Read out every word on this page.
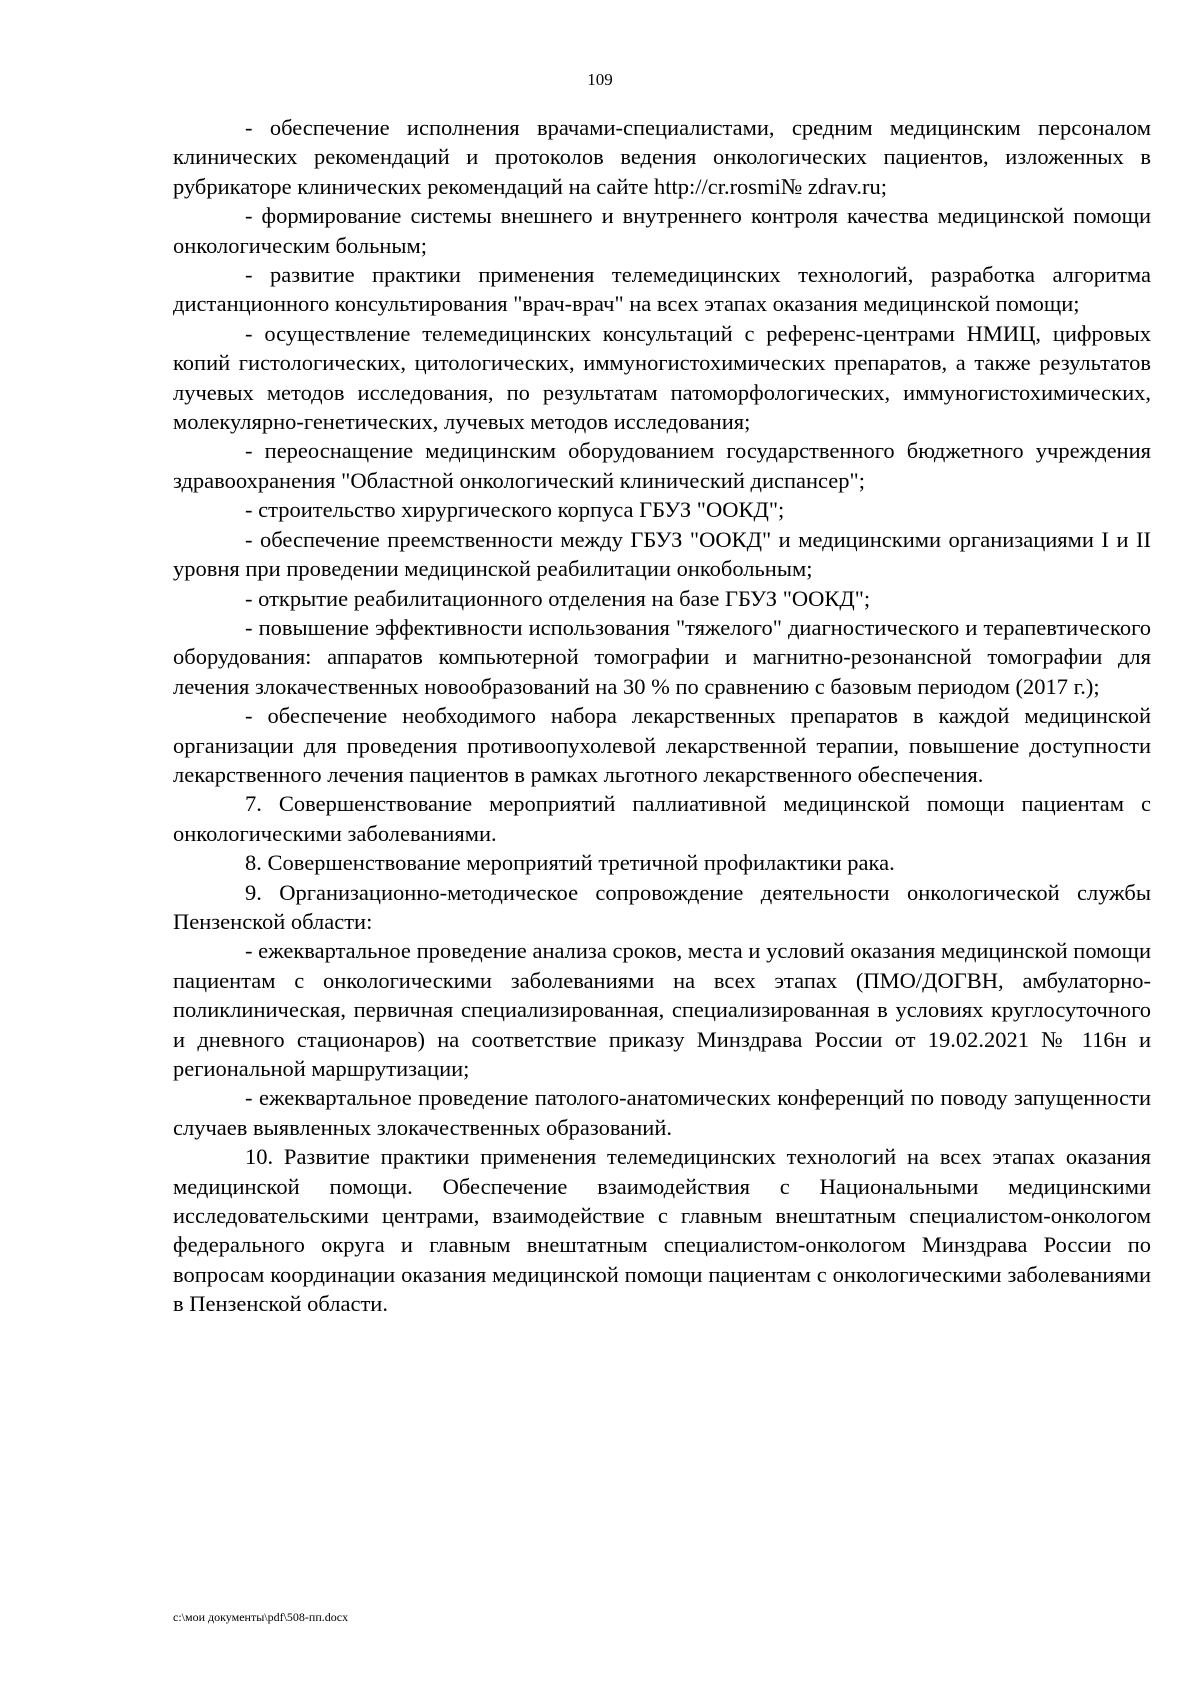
109

- обеспечение исполнения врачами-специалистами, средним медицинским персоналом клинических рекомендаций и протоколов ведения онкологических пациентов, изложенных в рубрикаторе клинических рекомендаций на сайте http://cr.rosmi№ zdrav.ru;

- формирование системы внешнего и внутреннего контроля качества медицинской помощи онкологическим больным;

- развитие практики применения телемедицинских технологий, разработка алгоритма дистанционного консультирования "врач-врач" на всех этапах оказания медицинской помощи;

- осуществление телемедицинских консультаций с референс-центрами НМИЦ, цифровых копий гистологических, цитологических, иммуногистохимических препаратов, а также результатов лучевых методов исследования, по результатам патоморфологических, иммуногистохимических, молекулярно-генетических, лучевых методов исследования;

- переоснащение медицинским оборудованием государственного бюджетного учреждения здравоохранения "Областной онкологический клинический диспансер";

- строительство хирургического корпуса ГБУЗ "ООКД";

- обеспечение преемственности между ГБУЗ "ООКД" и медицинскими организациями I и II уровня при проведении медицинской реабилитации онкобольным;

- открытие реабилитационного отделения на базе ГБУЗ "ООКД";

- повышение эффективности использования "тяжелого" диагностического и терапевтического оборудования: аппаратов компьютерной томографии и магнитно-резонансной томографии для лечения злокачественных новообразований на 30 % по сравнению с базовым периодом (2017 г.);

- обеспечение необходимого набора лекарственных препаратов в каждой медицинской организации для проведения противоопухолевой лекарственной терапии, повышение доступности лекарственного лечения пациентов в рамках льготного лекарственного обеспечения.

7. Совершенствование мероприятий паллиативной медицинской помощи пациентам с онкологическими заболеваниями.

8. Совершенствование мероприятий третичной профилактики рака.

9. Организационно-методическое сопровождение деятельности онкологической службы Пензенской области:

- ежеквартальное проведение анализа сроков, места и условий оказания медицинской помощи пациентам с онкологическими заболеваниями на всех этапах (ПМО/ДОГВН, амбулаторно-поликлиническая, первичная специализированная, специализированная в условиях круглосуточного и дневного стационаров) на соответствие приказу Минздрава России от 19.02.2021 № 116н и региональной маршрутизации;

- ежеквартальное проведение патолого-анатомических конференций по поводу запущенности случаев выявленных злокачественных образований.

10. Развитие практики применения телемедицинских технологий на всех этапах оказания медицинской помощи. Обеспечение взаимодействия с Национальными медицинскими исследовательскими центрами, взаимодействие с главным внештатным специалистом-онкологом федерального округа и главным внештатным специалистом-онкологом Минздрава России по вопросам координации оказания медицинской помощи пациентам с онкологическими заболеваниями в Пензенской области.

c:\мои документы\pdf\508-пп.docx
